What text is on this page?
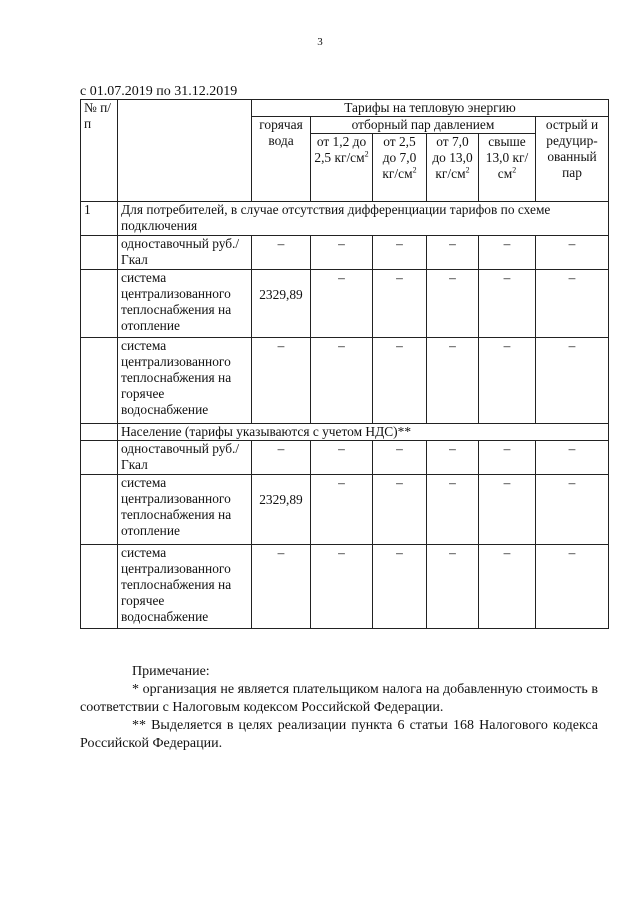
3
с 01.07.2019 по 31.12.2019
№ п/п		Тарифы на тепловую энергию					
		горячая вода	отборный пар давлением				острый и редуцир-ованный пар
			от 1,2 до 2,5 $кг/см^2$	от 2,5 до 7,0 $кг/см^2$	от 7,0 до 13,0 $кг/см^2$	свыше 13,0 $кг/см^2$
1	Для потребителей, в случае отсутствия дифференциации тарифов по схеме подключения						
	одноставочный руб./Гкал	–	–	–	–	–	–
	система централизованного теплоснабжения на отопление	2329,89	–	–	–	–	–
	система централизованного теплоснабжения на горячее водоснабжение	–	–	–	–	–	–
	Население (тарифы указываются с учетом НДС)**						
	одноставочный руб./Гкал	–	–	–	–	–	–
	система централизованного теплоснабжения на отопление	2329,89	–	–	–	–	–
	система централизованного теплоснабжения на горячее водоснабжение	–	–	–	–	–	–
Примечание:

* организация не является плательщиком налога на добавленную стоимость в соответствии с Налоговым кодексом Российской Федерации.

** Выделяется в целях реализации пункта 6 статьи 168 Налогового кодекса Российской Федерации.
